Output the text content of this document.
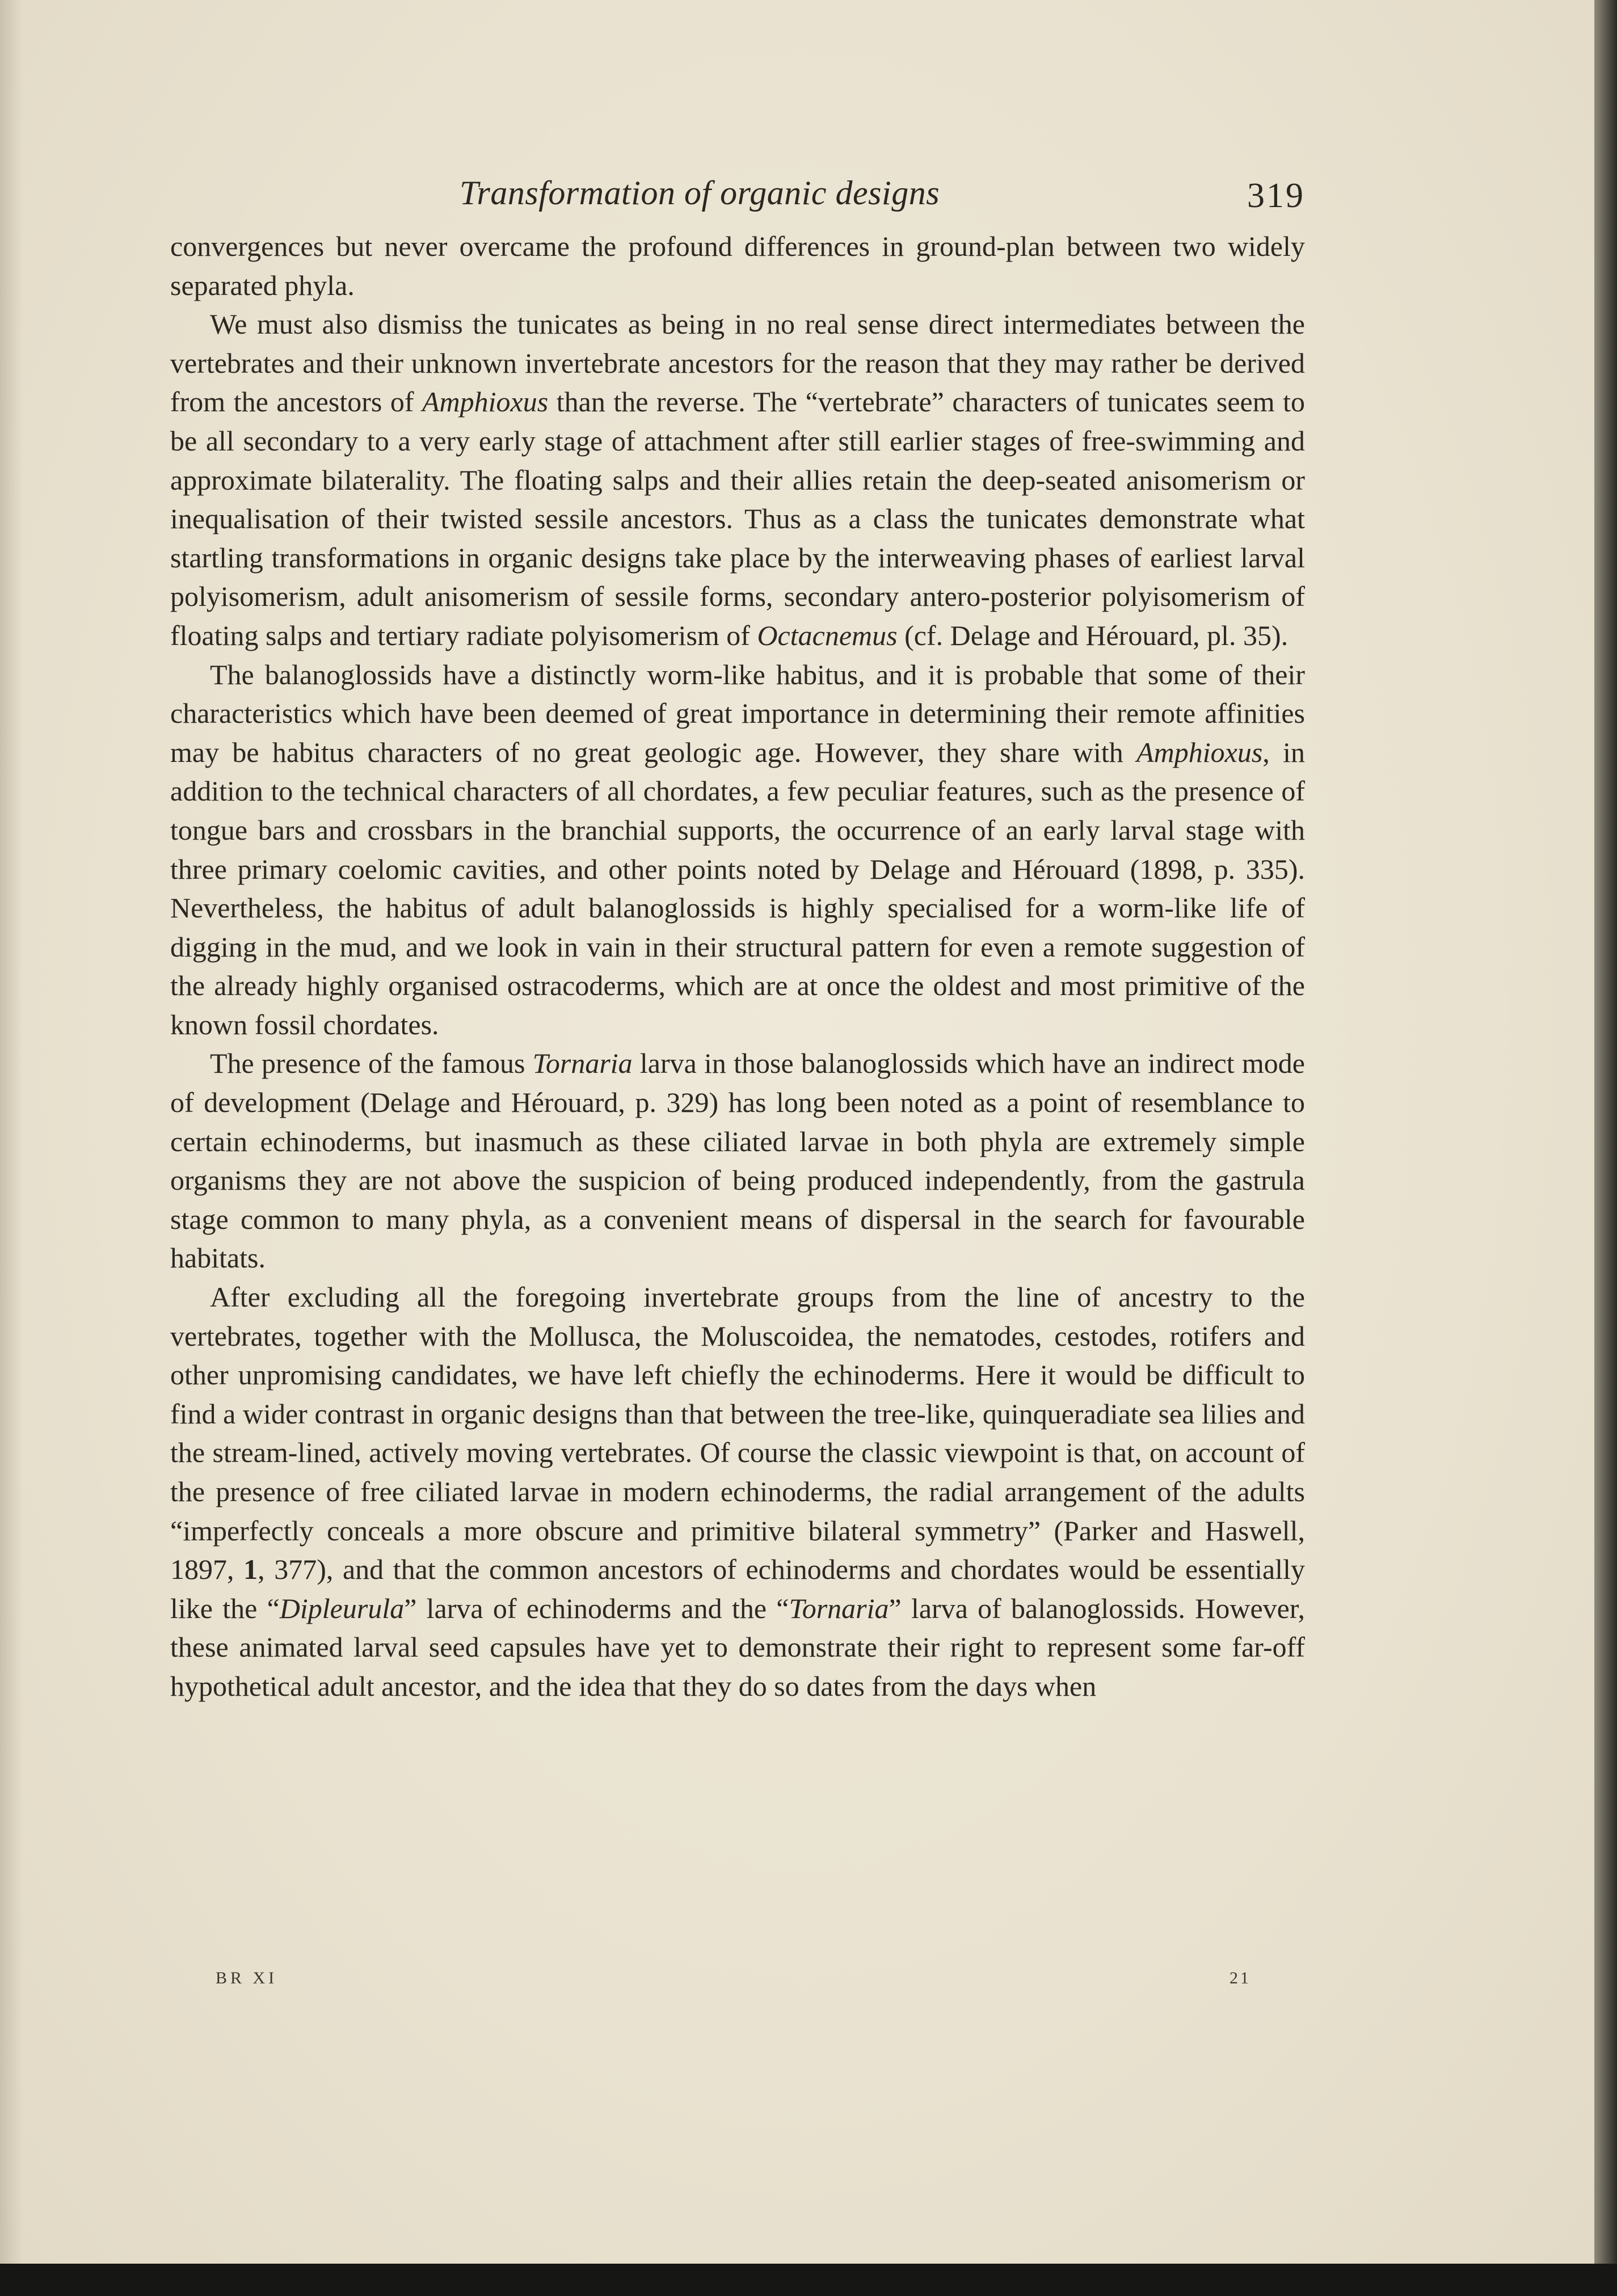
Transformation of organic designs	319

convergences but never overcame the profound differences in ground-plan between two widely separated phyla.

We must also dismiss the tunicates as being in no real sense direct intermediates between the vertebrates and their unknown invertebrate ancestors for the reason that they may rather be derived from the ancestors of Amphioxus than the reverse. The “vertebrate” characters of tunicates seem to be all secondary to a very early stage of attachment after still earlier stages of free-swimming and approximate bilaterality. The floating salps and their allies retain the deep-seated anisomerism or inequalisation of their twisted sessile ancestors. Thus as a class the tunicates demonstrate what startling transformations in organic designs take place by the interweaving phases of earliest larval polyisomerism, adult anisomerism of sessile forms, secondary antero-posterior polyisomerism of floating salps and tertiary radiate polyisomerism of Octacnemus (cf. Delage and Hérouard, pl. 35).

The balanoglossids have a distinctly worm-like habitus, and it is probable that some of their characteristics which have been deemed of great importance in determining their remote affinities may be habitus characters of no great geologic age. However, they share with Amphioxus, in addition to the technical characters of all chordates, a few peculiar features, such as the presence of tongue bars and crossbars in the branchial supports, the occurrence of an early larval stage with three primary coelomic cavities, and other points noted by Delage and Hérouard (1898, p. 335). Nevertheless, the habitus of adult balanoglossids is highly specialised for a worm-like life of digging in the mud, and we look in vain in their structural pattern for even a remote suggestion of the already highly organised ostracoderms, which are at once the oldest and most primitive of the known fossil chordates.

The presence of the famous Tornaria larva in those balanoglossids which have an indirect mode of development (Delage and Hérouard, p. 329) has long been noted as a point of resemblance to certain echinoderms, but inasmuch as these ciliated larvae in both phyla are extremely simple organisms they are not above the suspicion of being produced independently, from the gastrula stage common to many phyla, as a convenient means of dispersal in the search for favourable habitats.

After excluding all the foregoing invertebrate groups from the line of ancestry to the vertebrates, together with the Mollusca, the Moluscoidea, the nematodes, cestodes, rotifers and other unpromising candidates, we have left chiefly the echinoderms. Here it would be difficult to find a wider contrast in organic designs than that between the tree-like, quinqueradiate sea lilies and the stream-lined, actively moving vertebrates. Of course the classic viewpoint is that, on account of the presence of free ciliated larvae in modern echinoderms, the radial arrangement of the adults “imperfectly conceals a more obscure and primitive bilateral symmetry” (Parker and Haswell, 1897, 1, 377), and that the common ancestors of echinoderms and chordates would be essentially like the “Dipleurula” larva of echinoderms and the “Tornaria” larva of balanoglossids. However, these animated larval seed capsules have yet to demonstrate their right to represent some far-off hypothetical adult ancestor, and the idea that they do so dates from the days when

BR XI	21
